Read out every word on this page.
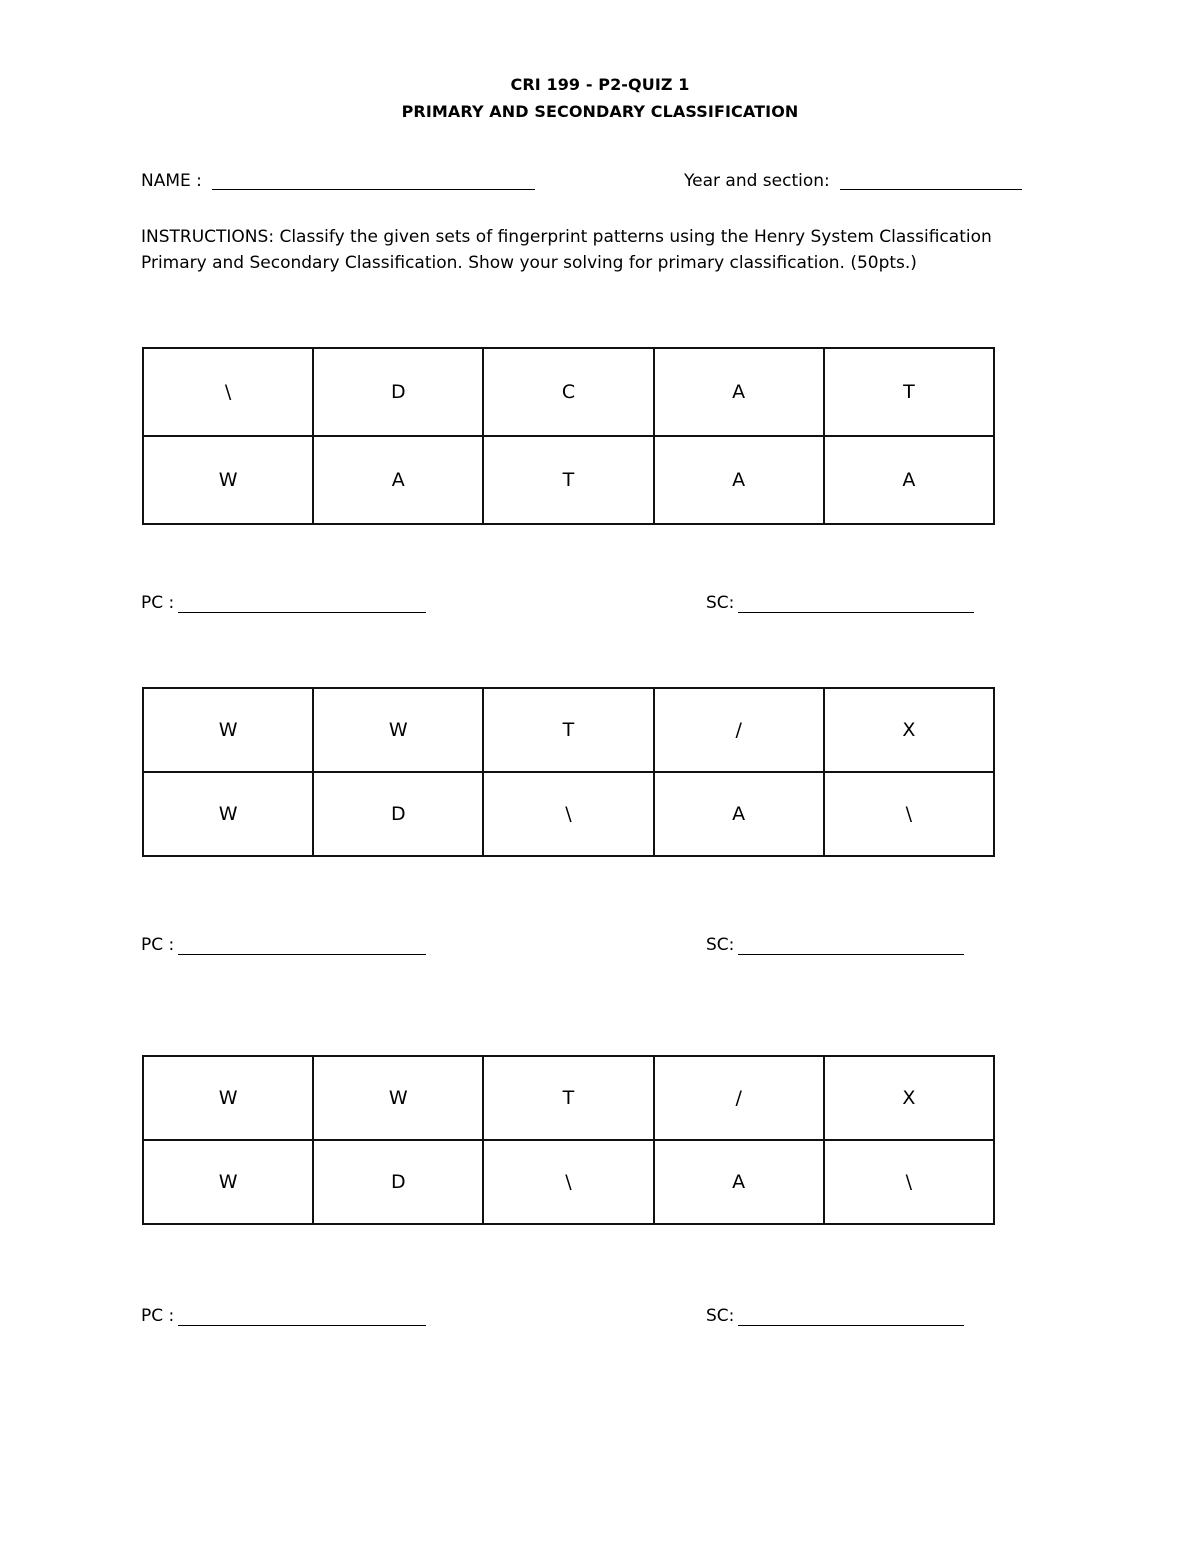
CRI 199 - P2-QUIZ 1
PRIMARY AND SECONDARY CLASSIFICATION
NAME :	Year and section:
INSTRUCTIONS: Classify the given sets of fingerprint patterns using the Henry System Classification
Primary and Secondary Classification. Show your solving for primary classification. (50pts.)
\	D	C	A	T
W	A	T	A	A
PC :	SC:
W	W	T	/	X
W	D	\	A	\
PC :	SC:
W	W	T	/	X
W	D	\	A	\
PC :	SC:
